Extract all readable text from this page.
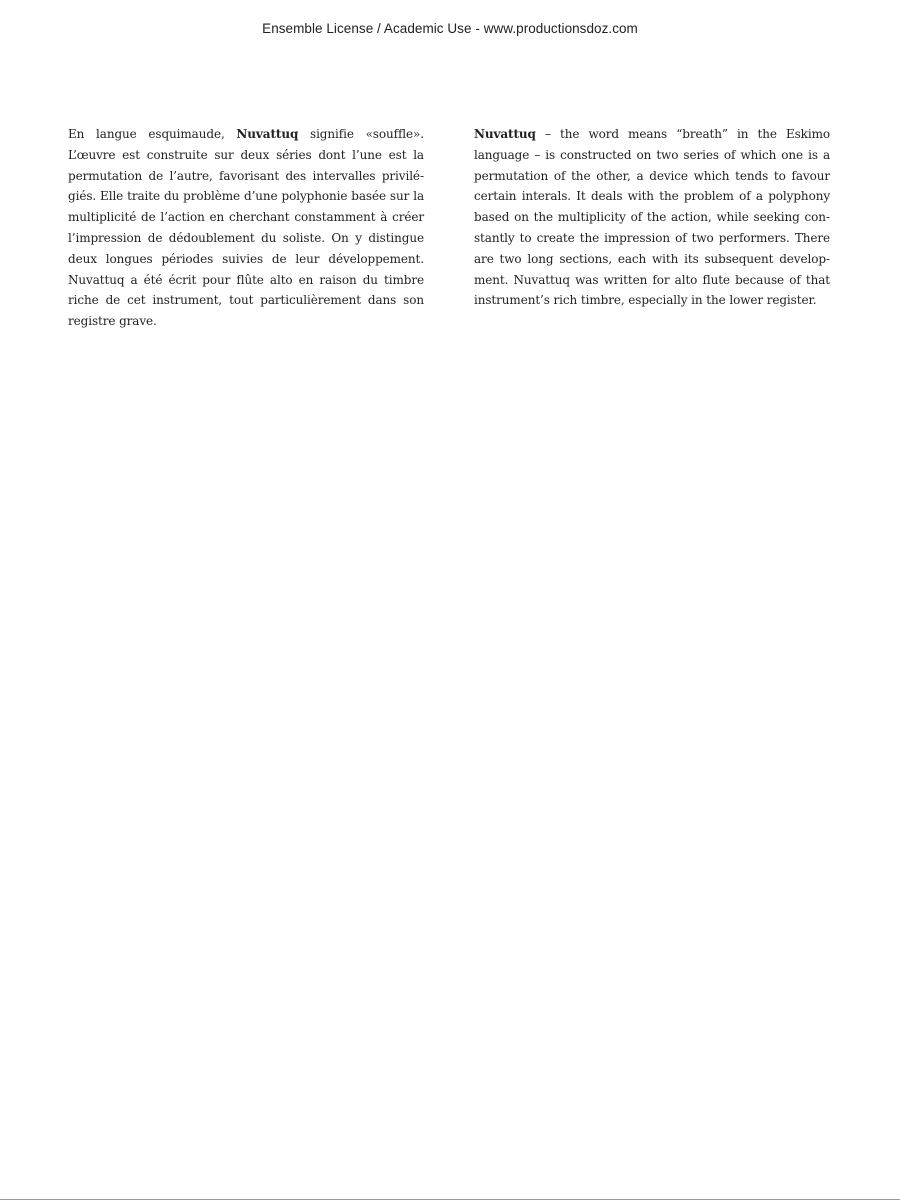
Ensemble License / Academic Use - www.productionsdoz.com

En langue esquimaude, Nuvattuq signifie «souffle». L’œuvre est construite sur deux séries dont l’une est la permutation de l’autre, favorisant des intervalles privilégiés. Elle traite du problème d’une polyphonie basée sur la multiplicité de l’action en cherchant constamment à créer l’impression de dédoublement du soliste. On y distingue deux longues périodes suivies de leur développement. Nuvattuq a été écrit pour flûte alto en raison du timbre riche de cet instrument, tout particulièrement dans son registre grave.

Nuvattuq – the word means “breath” in the Eskimo language – is constructed on two series of which one is a permutation of the other, a device which tends to favour certain interals. It deals with the problem of a polyphony based on the multiplicity of the action, while seeking constantly to create the impression of two performers. There are two long sections, each with its subsequent development. Nuvattuq was written for alto flute because of that instrument’s rich timbre, especially in the lower register.
